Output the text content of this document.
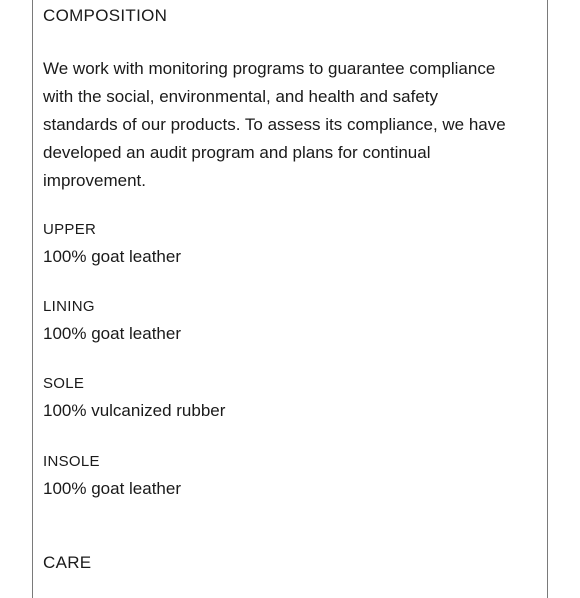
COMPOSITION
We work with monitoring programs to guarantee compliance
with the social, environmental, and health and safety
standards of our products. To assess its compliance, we have
developed an audit program and plans for continual
improvement.
UPPER
100% goat leather
LINING
100% goat leather
SOLE
100% vulcanized rubber
INSOLE
100% goat leather
CARE
